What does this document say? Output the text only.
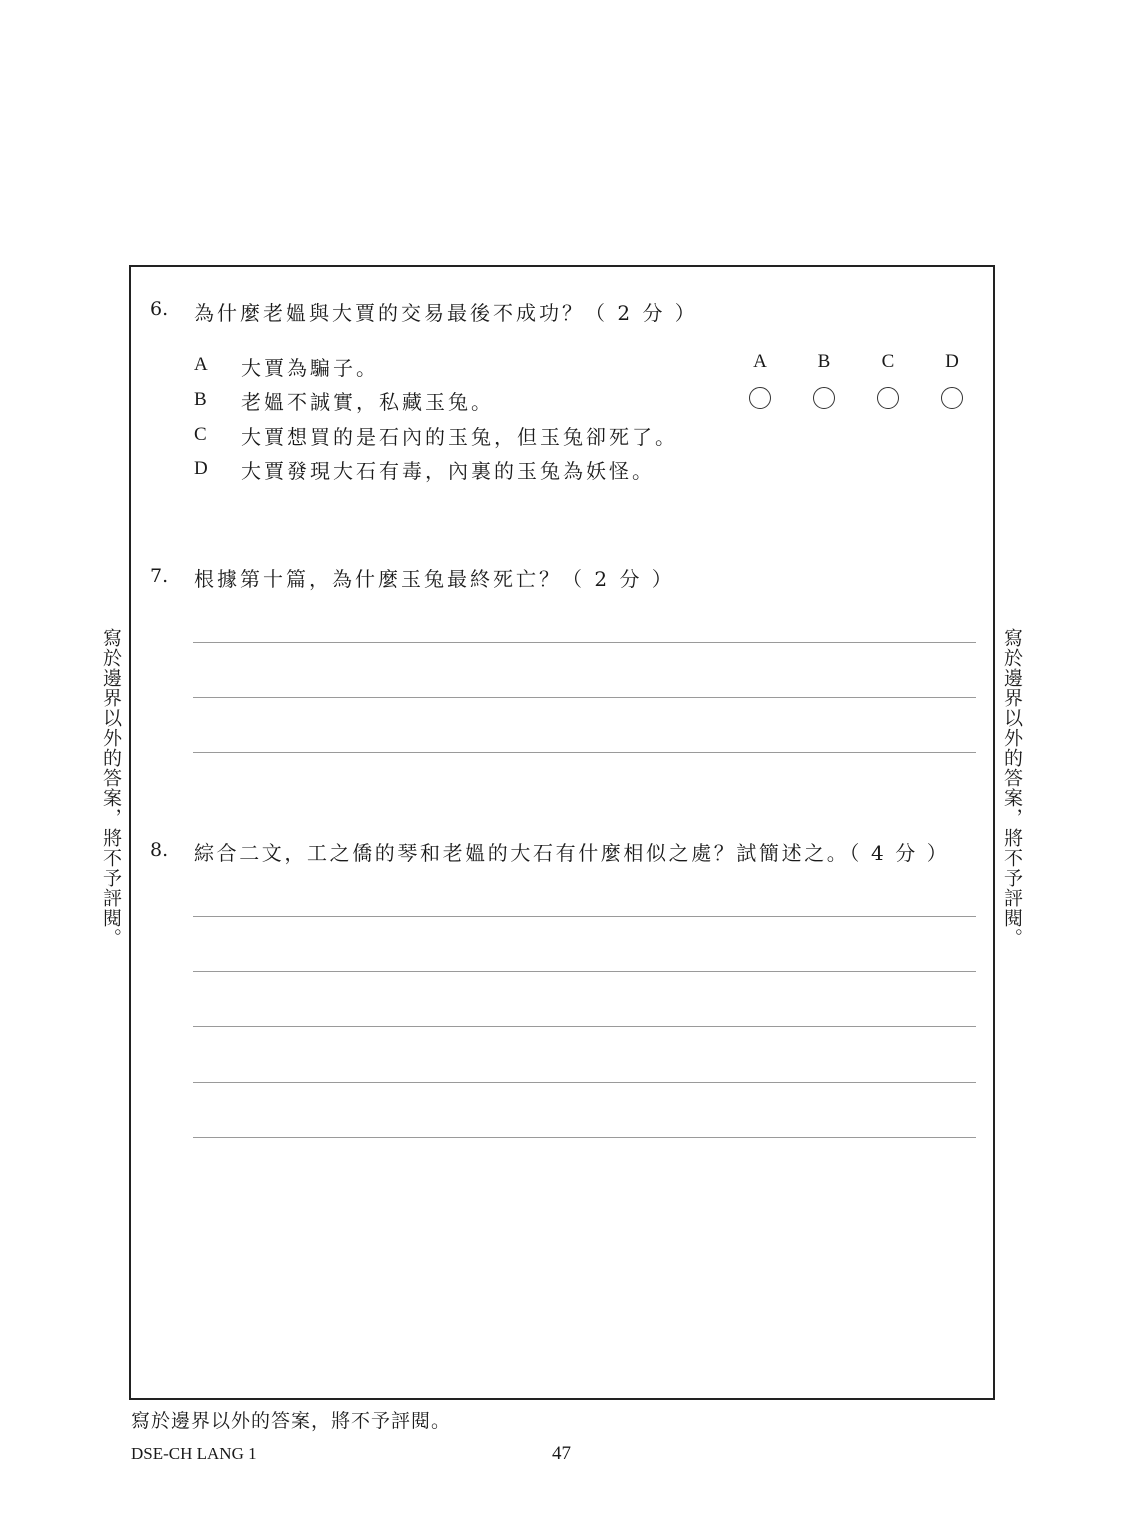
寫於邊界以外的答案，將不予評閱。	寫於邊界以外的答案，將不予評閱。
6. 為什麼老媼與大賈的交易最後不成功？（ 2 分 ）
A 大賈為騙子。
B 老媼不誠實，私藏玉兔。
C 大賈想買的是石內的玉兔，但玉兔卻死了。
D 大賈發現大石有毒，內裏的玉兔為妖怪。
A	B	C	D
7. 根據第十篇，為什麼玉兔最終死亡？（ 2 分 ）
8. 綜合二文，工之僑的琴和老媼的大石有什麼相似之處？試簡述之。（ 4 分 ）
寫於邊界以外的答案，將不予評閱。
DSE-CH LANG 1	47
